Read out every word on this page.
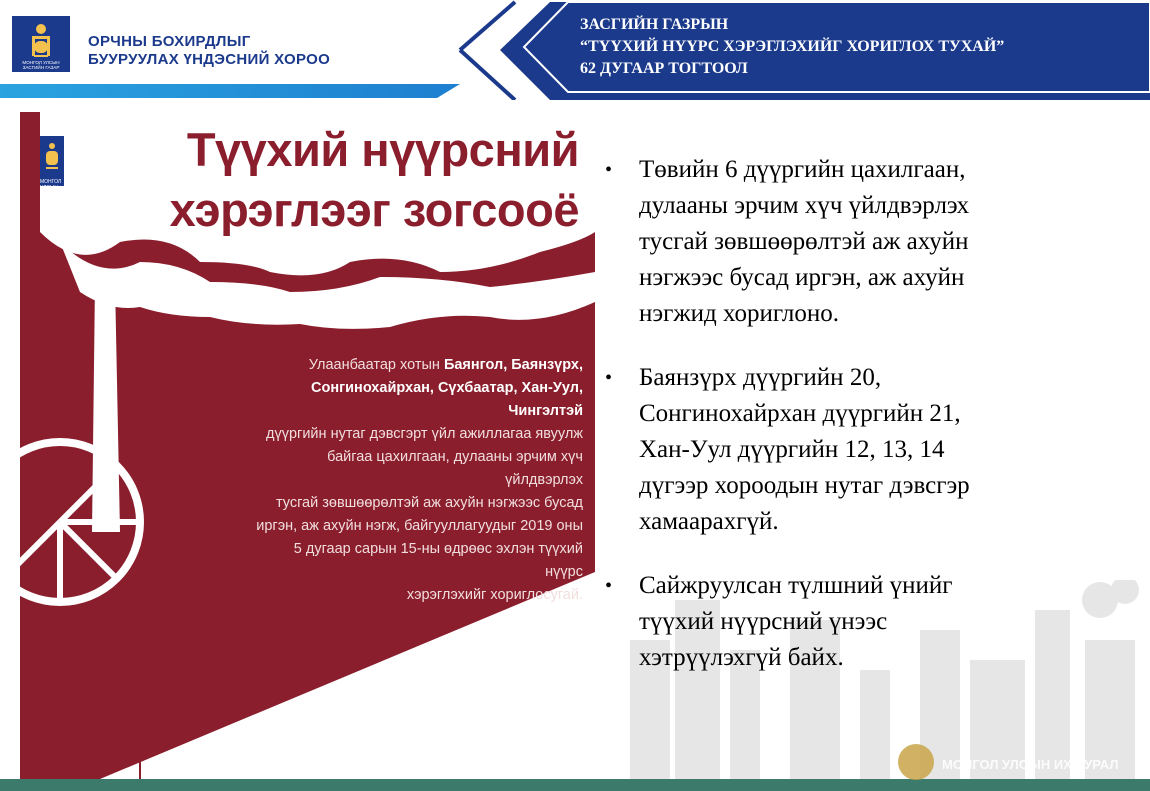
МОНГОЛ УЛСЫН
ЗАСГИЙН ГАЗАР
ОРЧНЫ БОХИРДЛЫГ
БУУРУУЛАХ ҮНДЭСНИЙ ХОРОО
ЗАСГИЙН ГАЗРЫН
“ТҮҮХИЙ НҮҮРС ХЭРЭГЛЭХИЙГ ХОРИГЛОХ ТУХАЙ”
62 ДУГААР ТОГТООЛ
МОНГОЛ УЛСЫН ЗАСГИЙН ГАЗАР
ОРЧНЫ БОХИРДЛЫГ
БУУРУУЛАХ ҮНДЭСНИЙ ХОРОО
Түүхий нүүрсний
хэрэглээг зогсооё
Улаанбаатар хотын Баянгол, Баянзүрх,
Сонгинохайрхан, Сүхбаатар, Хан-Уул, Чингэлтэй
дүүргийн нутаг дэвсгэрт үйл ажиллагаа явуулж
байгаа цахилгаан, дулааны эрчим хүч үйлдвэрлэх
тусгай зөвшөөрөлтэй аж ахуйн нэгжээс бусад
иргэн, аж ахуйн нэгж, байгууллагуудыг 2019 оны
5 дугаар сарын 15-ны өдрөөс эхлэн түүхий нүүрс
хэрэглэхийг хориглосугай.
•	Төвийн 6 дүүргийн цахилгаан,
дулааны эрчим хүч үйлдвэрлэх
тусгай зөвшөөрөлтэй аж ахуйн
нэгжээс бусад иргэн, аж ахуйн
нэгжид хориглоно.
•	Баянзүрх дүүргийн 20,
Сонгинохайрхан дүүргийн 21,
Хан-Уул дүүргийн 12, 13, 14
дүгээр хороодын нутаг дэвсгэр
хамаарахгүй.
•	Сайжруулсан түлшний үнийг
түүхий нүүрсний үнээс
хэтрүүлэхгүй байх.
МОНГОЛ УЛСЫН ИХ ХУРАЛ
